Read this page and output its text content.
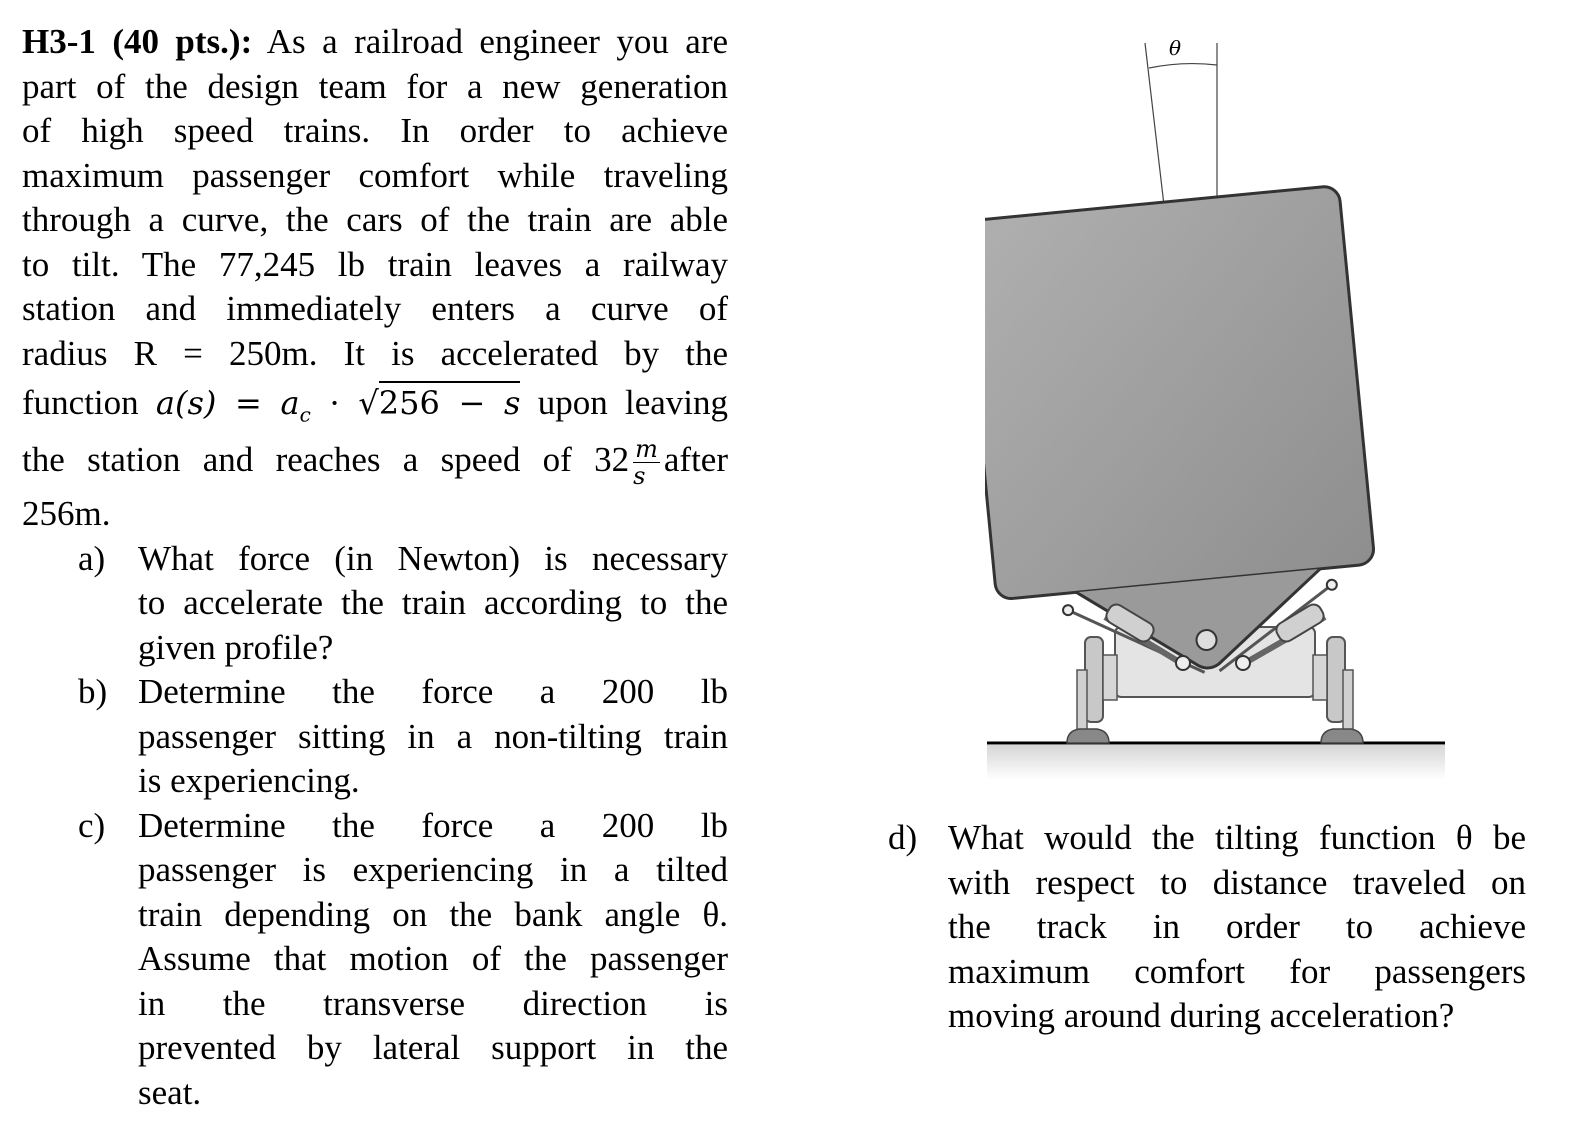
H3-1 (40 pts.): As a railroad engineer you are
part of the design team for a new generation
of high speed trains. In order to achieve
maximum passenger comfort while traveling
through a curve, the cars of the train are able
to tilt. The 77,245 lb train leaves a railway
station and immediately enters a curve of
radius R = 250m. It is accelerated by the
function $a(s) = a_c \cdot √256 - s$ upon leaving
the station and reaches a speed of $32 \frac{m}{s}$ after
256m.
a) What force (in Newton) is necessary
to accelerate the train according to the
given profile?
b) Determine the force a 200 lb
passenger sitting in a non-tilting train
is experiencing.
c) Determine the force a 200 lb
passenger is experiencing in a tilted
train depending on the bank angle θ.
Assume that motion of the passenger
in the transverse direction is
prevented by lateral support in the
seat.
θ
d) What would the tilting function θ be
with respect to distance traveled on
the track in order to achieve
maximum comfort for passengers
moving around during acceleration?
